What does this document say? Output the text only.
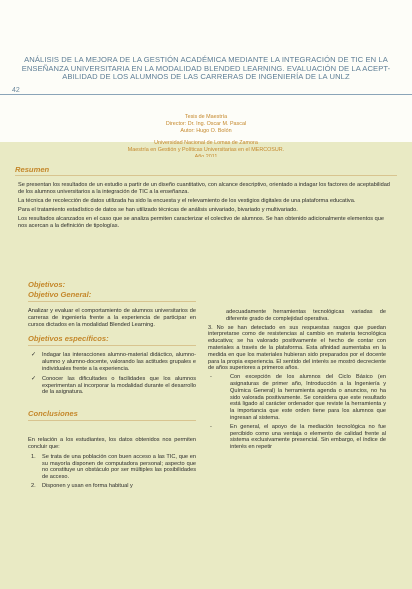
ANÁLISIS DE LA MEJORA DE LA GESTIÓN ACADÉMICA MEDIANTE LA INTEGRACIÓN DE TIC EN LA
ENSEÑANZA UNIVERSITARIA EN LA MODALIDAD BLENDED LEARNING. EVALUACIÓN DE LA ACEPT-
ABILIDAD DE LOS ALUMNOS DE LAS CARRERAS DE INGENIERÍA DE LA UNLZ
42
Tesis de Maestría
Director: Dr. Ing. Oscar M. Pascal
Autor: Hugo O. Bolón
Universidad Nacional de Lomas de Zamora
Maestría en Gestión y Políticas Universitarias en el MERCOSUR.
Resumen

Se presentan los resultados de un estudio a partir de un diseño cuantitativo, con alcance descriptivo, orientado a indagar los factores de aceptabilidad de los alumnos universitarios a la integración de TIC a la enseñanza.

La técnica de recolección de datos utilizada ha sido la encuesta y el relevamiento de los vestigios digitales de una plataforma educativa.

Para el tratamiento estadístico de datos se han utilizado técnicas de análisis univariado, bivariado y multivariado.

Los resultados alcanzados en el caso que se analiza permiten caracterizar el colectivo de alumnos. Se han obtenido adicionalmente elementos que nos acercan a la definición de tipologías.

Objetivos:
Objetivo General:

Analizar y evaluar el comportamiento de alumnos universitarios de carreras de ingeniería frente a la experiencia de participar en cursos dictados en la modalidad Blended Learning.

Objetivos específicos:
✓ Indagar las interacciones alumno-material didáctico, alumno-alumno y alumno-docente, valorando las actitudes grupales e individuales frente a la experiencia.
✓ Conocer las dificultades o facilidades que los alumnos experimentan al incorporar la modalidad durante el desarrollo de la asignatura.
Conclusiones

En relación a los estudiantes, los datos obtenidos nos permiten concluir que:

1. Se trata de una población con buen acceso a las TIC, que en su mayoría disponen de computadora personal; aspecto que no constituye un obstáculo por ser múltiples las posibilidades de acceso.
2. Disponen y usan en forma habitual y

adecuadamente herramientas tecnológicas variadas de diferente grado de complejidad operativa.

3. No se han detectado en sus respuestas rasgos que puedan interpretarse como de resistencias al cambio en materia tecnológica educativa; se ha valorado positivamente el hecho de contar con materiales a través de la plataforma. Esta afinidad aumentaba en la medida en que los materiales hubieran sido preparados por el docente para la propia experiencia. El sentido del interés se mostró decreciente de años superiores a primeros años.
-	Con excepción de los alumnos del Ciclo Básico (en asignaturas de primer año, Introducción a la Ingeniería y Química General) la herramienta agenda o anuncios, no ha sido valorada positivamente. Se considera que este resultado está ligado al carácter ordenador que reviste la herramienta y la importancia que este orden tiene para los alumnos que ingresan al sistema.
-	En general, el apoyo de la mediación tecnológica no fue percibido como una ventaja o elemento de calidad frente al sistema exclusivamente presencial. Sin embargo, el índice de interés en repetir
